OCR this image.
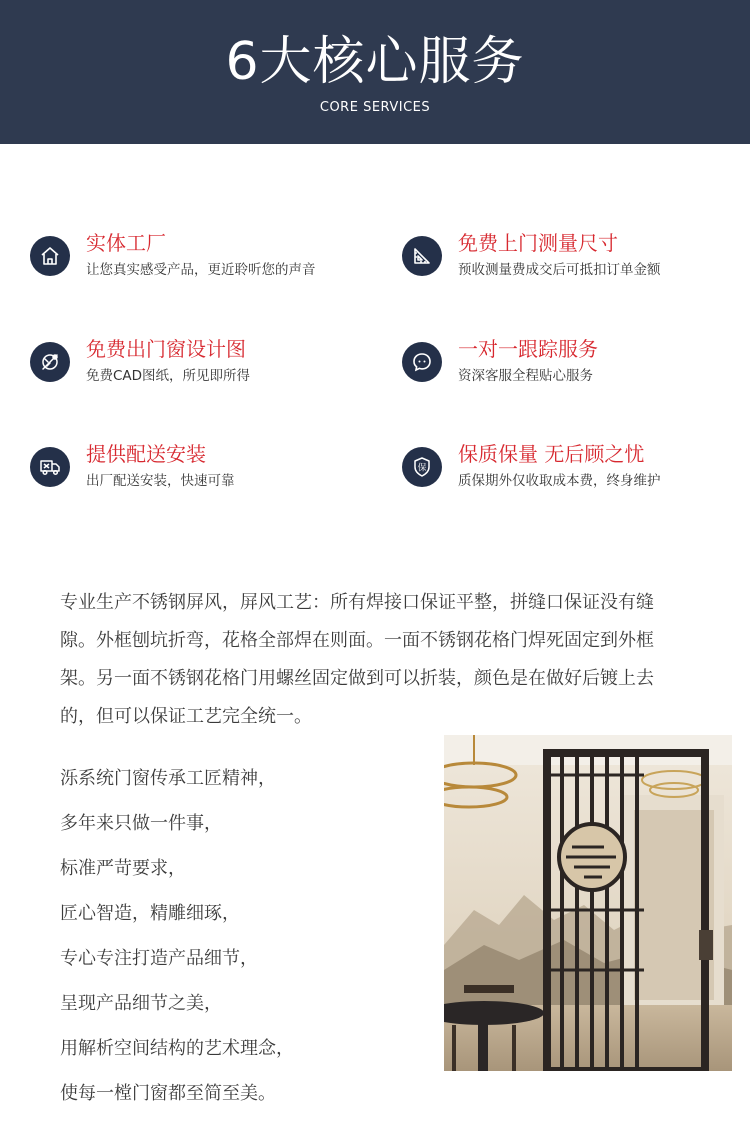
6大核心服务
CORE SERVICES
实体工厂
让您真实感受产品，更近聆听您的声音
免费上门测量尺寸
预收测量费成交后可抵扣订单金额
免费出门窗设计图
免费CAD图纸，所见即所得
一对一跟踪服务
资深客服全程贴心服务
提供配送安装
出厂配送安装，快速可靠
保
保质保量 无后顾之忧
质保期外仅收取成本费，终身维护
专业生产不锈钢屏风，屏风工艺：所有焊接口保证平整，拼缝口保证没有缝
隙。外框刨坑折弯，花格全部焊在则面。一面不锈钢花格门焊死固定到外框
架。另一面不锈钢花格门用螺丝固定做到可以折装，颜色是在做好后镀上去
的，但可以保证工艺完全统一。
泺系统门窗传承工匠精神，
多年来只做一件事，
标准严苛要求，
匠心智造，精雕细琢，
专心专注打造产品细节，
呈现产品细节之美，
用解析空间结构的艺术理念，
使每一樘门窗都至简至美。
